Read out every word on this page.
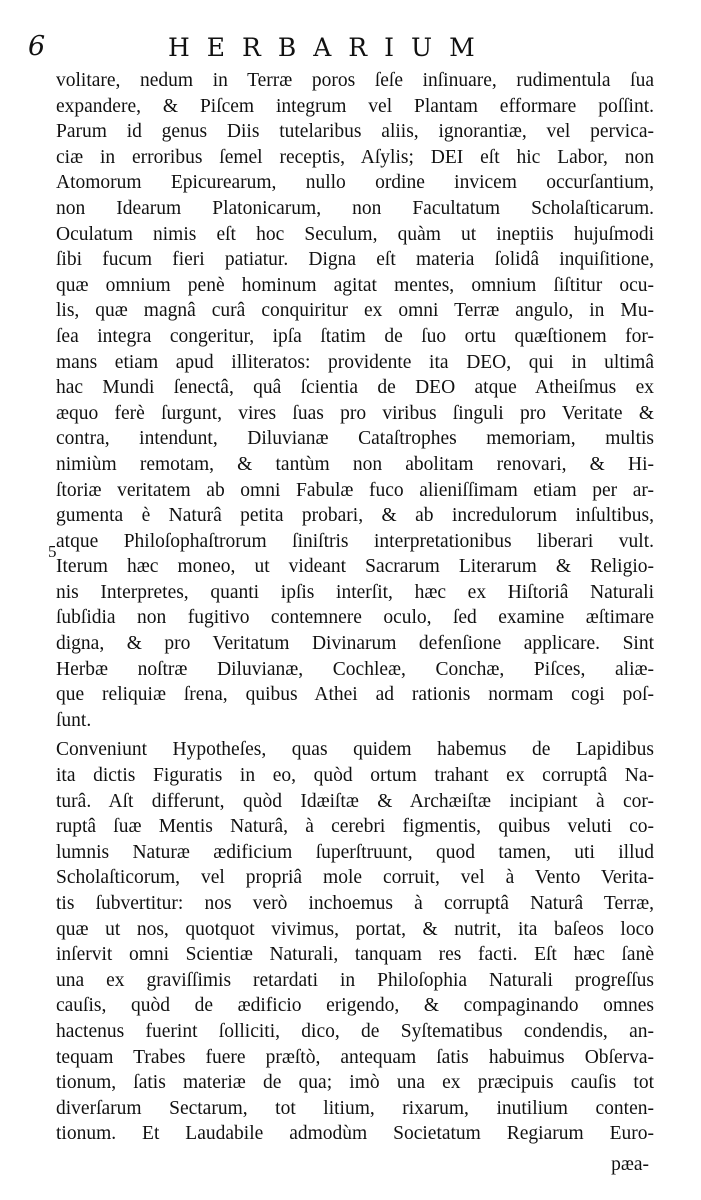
6	HERBARIUM
5
volitare, nedum in Terræ poros ſeſe inſinuare, rudimentula ſua
expandere, & Piſcem integrum vel Plantam efformare poſſint.
Parum id genus Diis tutelaribus aliis, ignorantiæ, vel pervica-
ciæ in erroribus ſemel receptis, Aſylis; DEI eſt hic Labor, non
Atomorum Epicurearum, nullo ordine invicem occurſantium,
non Idearum Platonicarum, non Facultatum Scholaſticarum.
Oculatum nimis eſt hoc Seculum, quàm ut ineptiis hujuſmodi
ſibi fucum fieri patiatur. Digna eſt materia ſolidâ inquiſitione,
quæ omnium penè hominum agitat mentes, omnium ſiſtitur ocu-
lis, quæ magnâ curâ conquiritur ex omni Terræ angulo, in Mu-
ſea integra congeritur, ipſa ſtatim de ſuo ortu quæſtionem for-
mans etiam apud illiteratos: providente ita DEO, qui in ultimâ
hac Mundi ſenectâ, quâ ſcientia de DEO atque Atheiſmus ex
æquo ferè ſurgunt, vires ſuas pro viribus ſinguli pro Veritate &
contra, intendunt, Diluvianæ Cataſtrophes memoriam, multis
nimiùm remotam, & tantùm non abolitam renovari, & Hi-
ſtoriæ veritatem ab omni Fabulæ fuco alieniſſimam etiam per ar-
gumenta è Naturâ petita probari, & ab incredulorum inſultibus,
atque Philoſophaſtrorum ſiniſtris interpretationibus liberari vult.
Iterum hæc moneo, ut videant Sacrarum Literarum & Religio-
nis Interpretes, quanti ipſis interſit, hæc ex Hiſtoriâ Naturali
ſubſidia non fugitivo contemnere oculo, ſed examine æſtimare
digna, & pro Veritatum Divinarum defenſione applicare. Sint
Herbæ noſtræ Diluvianæ, Cochleæ, Conchæ, Piſces, aliæ-
que reliquiæ ſrena, quibus Athei ad rationis normam cogi poſ-
ſunt.
Conveniunt Hypotheſes, quas quidem habemus de Lapidibus
ita dictis Figuratis in eo, quòd ortum trahant ex corruptâ Na-
turâ. Aſt differunt, quòd Idæiſtæ & Archæiſtæ incipiant à cor-
ruptâ ſuæ Mentis Naturâ, à cerebri figmentis, quibus veluti co-
lumnis Naturæ ædificium ſuperſtruunt, quod tamen, uti illud
Scholaſticorum, vel propriâ mole corruit, vel à Vento Verita-
tis ſubvertitur: nos verò inchoemus à corruptâ Naturâ Terræ,
quæ ut nos, quotquot vivimus, portat, & nutrit, ita baſeos loco
inſervit omni Scientiæ Naturali, tanquam res facti. Eſt hæc ſanè
una ex graviſſimis retardati in Philoſophia Naturali progreſſus
cauſis, quòd de ædificio erigendo, & compaginando omnes
hactenus fuerint ſolliciti, dico, de Syſtematibus condendis, an-
tequam Trabes fuere præſtò, antequam ſatis habuimus Obſerva-
tionum, ſatis materiæ de qua; imò una ex præcipuis cauſis tot
diverſarum Sectarum, tot litium, rixarum, inutilium conten-
tionum. Et Laudabile admodùm Societatum Regiarum Euro-
pæa-
